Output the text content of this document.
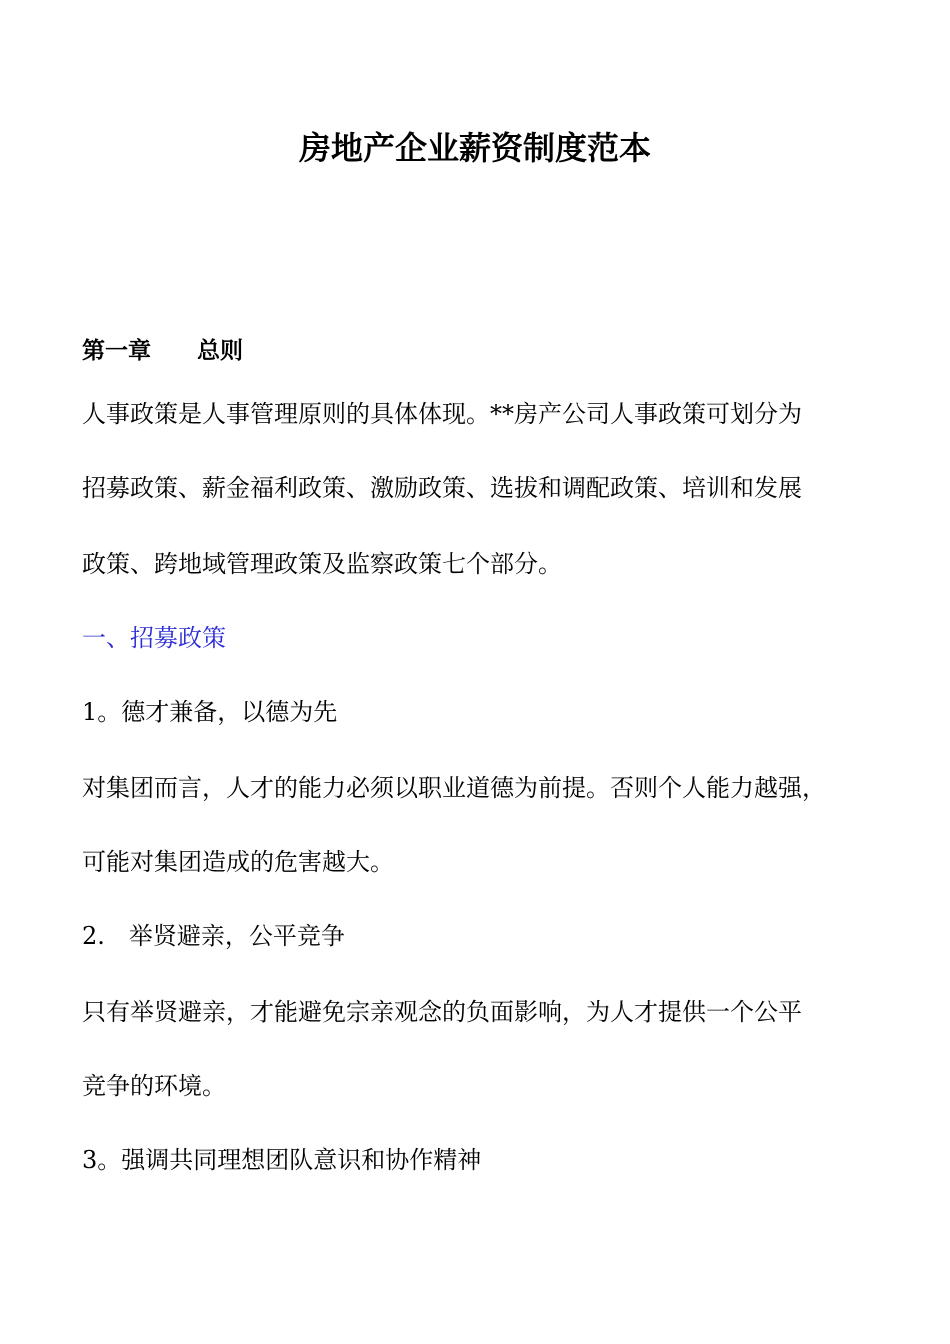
房地产企业薪资制度范本
第一章　　总则
人事政策是人事管理原则的具体体现。**房产公司人事政策可划分为
招募政策、薪金福利政策、激励政策、选拔和调配政策、培训和发展
政策、跨地域管理政策及监察政策七个部分。
一、招募政策
1。德才兼备，以德为先
对集团而言，人才的能力必须以职业道德为前提。否则个人能力越强，
可能对集团造成的危害越大。
2.　举贤避亲，公平竞争
只有举贤避亲，才能避免宗亲观念的负面影响，为人才提供一个公平
竞争的环境。
3。强调共同理想团队意识和协作精神
